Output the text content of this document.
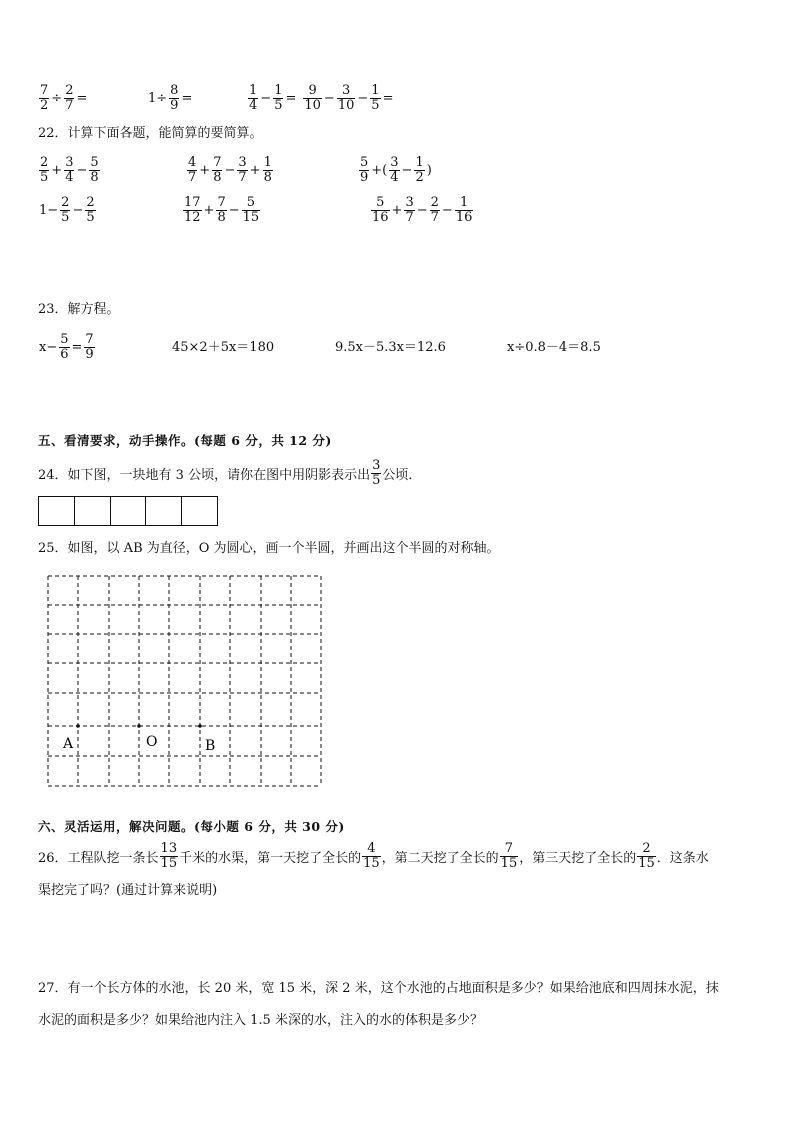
$\frac{7}{2} \div \frac{2}{7}$ =	$1\div \frac{8}{9}$ =	$\frac{1}{4} - \frac{1}{5} = \frac{9}{10} - \frac{3}{10} - \frac{1}{5}$ =
22．计算下面各题，能简算的要简算。
$\frac{2}{5} + \frac{3}{4} - \frac{5}{8}$	$\frac{4}{7} + \frac{7}{8} - \frac{3}{7} + \frac{1}{8}$	$\frac{5}{9}$ +( $\frac{3}{4} - \frac{1}{2}$ )
$1- \frac{2}{5} - \frac{2}{5}$	$\frac{17}{12} + \frac{7}{8} - \frac{5}{15}$	$\frac{5}{16} + \frac{3}{7} - \frac{2}{7} - \frac{1}{16}$
23．解方程。
$x- \frac{5}{6} = \frac{7}{9}$	45×2＋5x＝180	9.5x－5.3x＝12.6	x÷0.8－4＝8.5
五、看清要求，动手操作。(每题 6 分，共 12 分)
24．如下图，一块地有 3 公顷，请你在图中用阴影表示出 $\frac{3}{5}$ 公顷．
25．如图，以 AB 为直径，O 为圆心，画一个半圆，并画出这个半圆的对称轴。
A	O	B
六、灵活运用，解决问题。(每小题 6 分，共 30 分)
26．工程队挖一条长 $\frac{13}{15}$ 千米的水渠，第一天挖了全长的 $\frac{4}{15}$ ，第二天挖了全长的 $\frac{7}{15}$ ，第三天挖了全长的 $\frac{2}{15}$ ．这条水
渠挖完了吗？(通过计算来说明)
27．有一个长方体的水池，长 20 米，宽 15 米，深 2 米，这个水池的占地面积是多少？如果给池底和四周抹水泥，抹
水泥的面积是多少？如果给池内注入 1.5 米深的水，注入的水的体积是多少？
